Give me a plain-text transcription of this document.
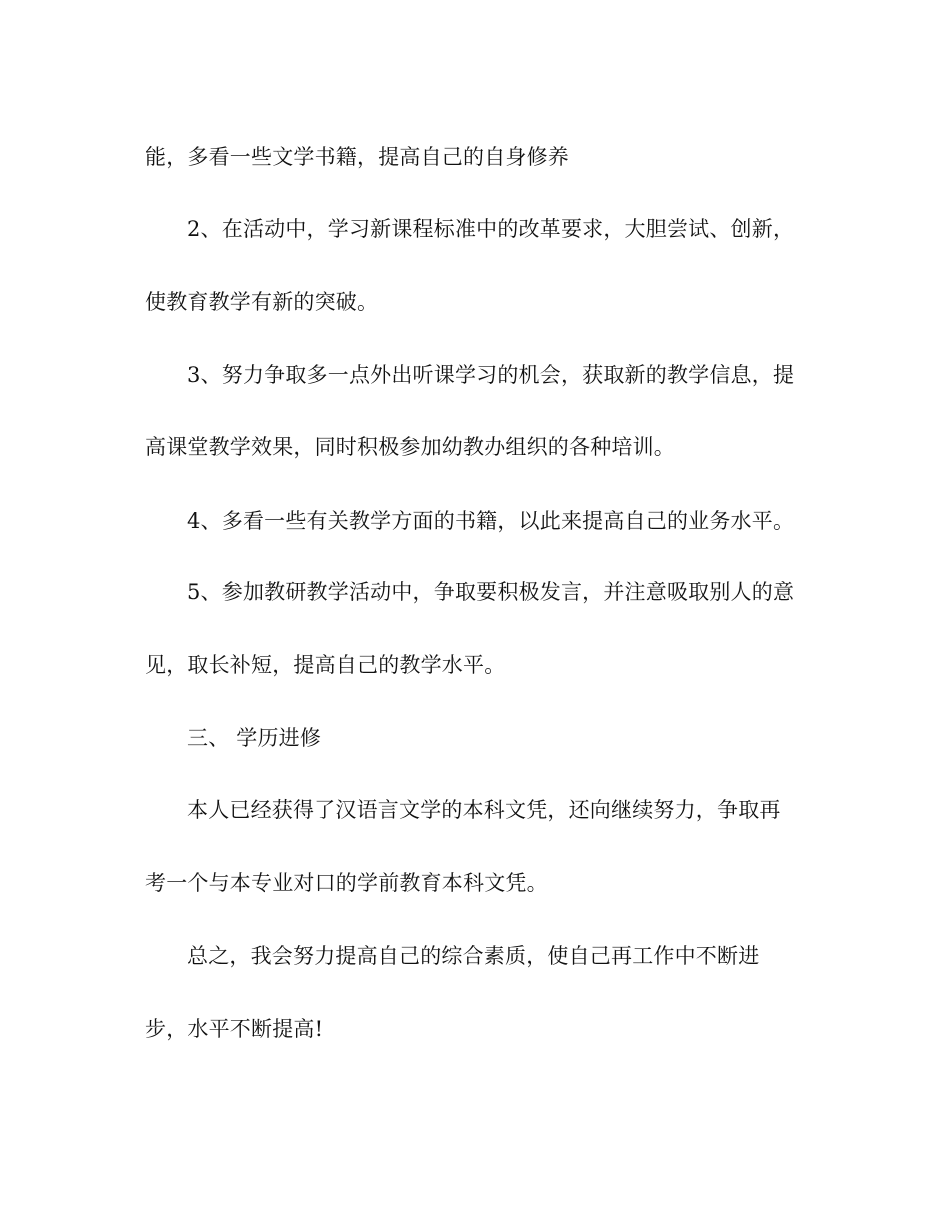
能，多看一些文学书籍，提高自己的自身修养
2、在活动中，学习新课程标准中的改革要求，大胆尝试、创新，
使教育教学有新的突破。
3、努力争取多一点外出听课学习的机会，获取新的教学信息，提
高课堂教学效果，同时积极参加幼教办组织的各种培训。
4、多看一些有关教学方面的书籍，以此来提高自己的业务水平。
5、参加教研教学活动中，争取要积极发言，并注意吸取别人的意
见，取长补短，提高自己的教学水平。
三、 学历进修
本人已经获得了汉语言文学的本科文凭，还向继续努力，争取再
考一个与本专业对口的学前教育本科文凭。
总之，我会努力提高自己的综合素质，使自己再工作中不断进
步，水平不断提高!
